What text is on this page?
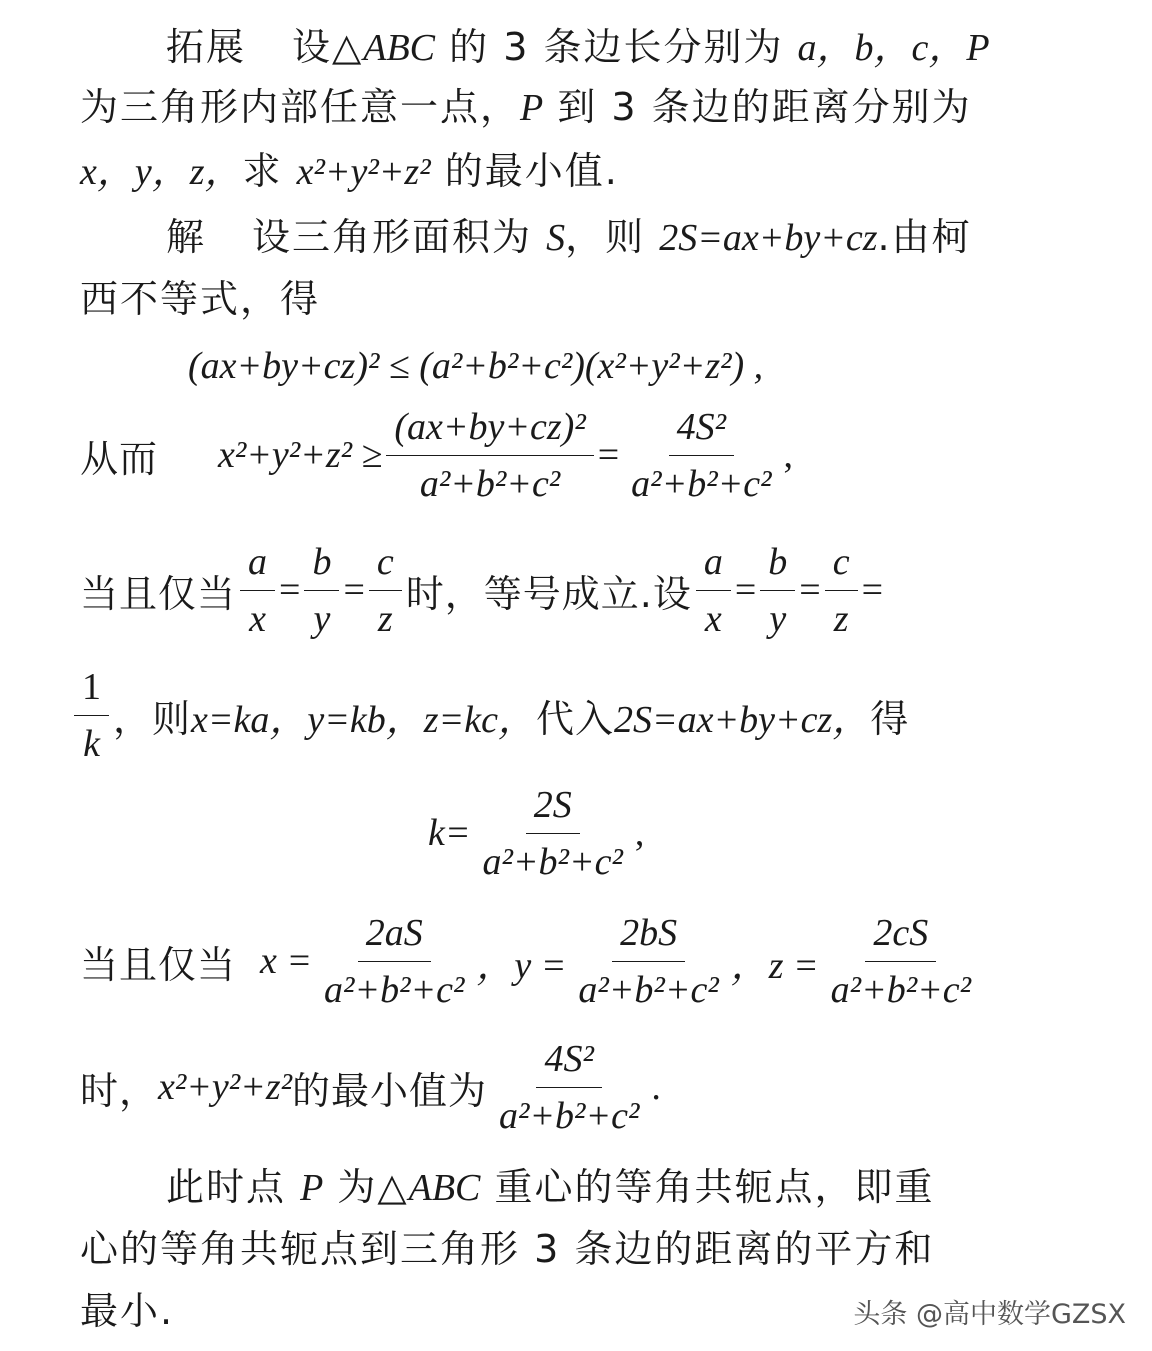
拓展 设△ABC 的 3 条边长分别为 a，b，c，P
为三角形内部任意一点，P 到 3 条边的距离分别为
x，y，z，求 x²+y²+z² 的最小值.
解 设三角形面积为 S，则 2S=ax+by+cz.由柯
西不等式，得
(ax+by+cz)² ≤ (a²+b²+c²)(x²+y²+z²) ,
从而 $x^2+y^2+z^2 \ge \frac{\text{(ax+by+cz)²}}{\text{a²+b²+c²}} = \frac{\text{4S²}}{\text{a²+b²+c²}}$ ,
当且仅当 $\frac{a}{x} = \frac{b}{y} = \frac{c}{z}$ 时，等号成立.设 $\frac{a}{x} = \frac{b}{y} = \frac{c}{z}$ =
$\frac{1}{k}$ ，则 x=ka，y=kb，z=kc， 代入 2S=ax+by+cz， 得
$k= \frac{2S}{\text{a²+b²+c²}}$ ,
当且仅当 $x = \frac{2aS}{\text{a²+b²+c²}}$ ，$y = \frac{2bS}{\text{a²+b²+c²}}$ ，$z = \frac{2cS}{\text{a²+b²+c²}}$
时， x²+y²+z² 的最小值为 $\frac{\text{4S²}}{\text{a²+b²+c²}}$ .
此时点 P 为△ABC 重心的等角共轭点，即重
心的等角共轭点到三角形 3 条边的距离的平方和
最小.	头条 @高中数学GZSX
